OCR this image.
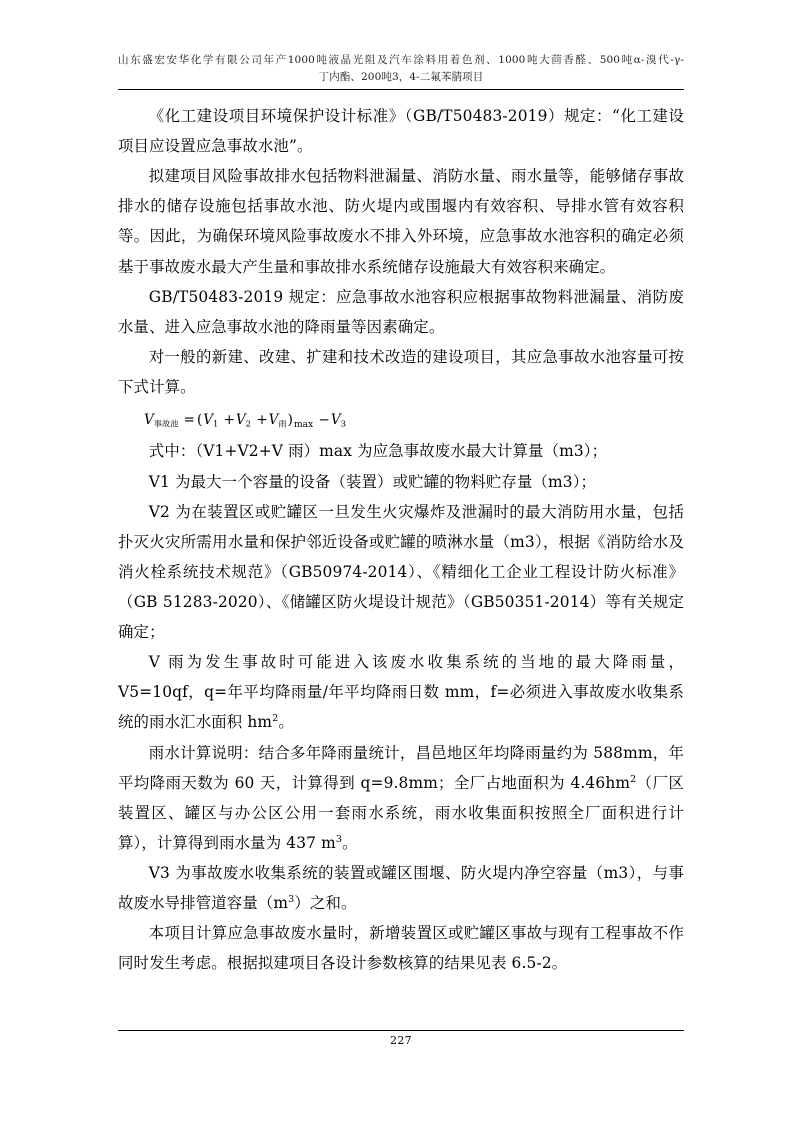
山东盛宏安华化学有限公司年产1000吨液晶光阻及汽车涂料用着色剂、1000吨大茴香醛、500吨α-溴代-γ-
丁内酯、200吨3，4-二氟苯腈项目

《化工建设项目环境保护设计标准》（GB/T50483-2019）规定：“化工建设项目应设置应急事故水池”。

拟建项目风险事故排水包括物料泄漏量、消防水量、雨水量等，能够储存事故排水的储存设施包括事故水池、防火堤内或围堰内有效容积、导排水管有效容积等。因此，为确保环境风险事故废水不排入外环境，应急事故水池容积的确定必须基于事故废水最大产生量和事故排水系统储存设施最大有效容积来确定。

GB/T50483-2019 规定：应急事故水池容积应根据事故物料泄漏量、消防废水量、进入应急事故水池的降雨量等因素确定。

对一般的新建、改建、扩建和技术改造的建设项目，其应急事故水池容量可按下式计算。

V事故池 = ($V_1 +V_2 +V$雨)$_{max} -V_3$

式中：（V1+V2+V 雨）max 为应急事故废水最大计算量（m3）；

V1 为最大一个容量的设备（装置）或贮罐的物料贮存量（m3）；

V2 为在装置区或贮罐区一旦发生火灾爆炸及泄漏时的最大消防用水量，包括扑灭火灾所需用水量和保护邻近设备或贮罐的喷淋水量（m3），根据《消防给水及消火栓系统技术规范》（GB50974-2014）、《精细化工企业工程设计防火标准》（GB 51283-2020）、《储罐区防火堤设计规范》（GB50351-2014）等有关规定确定；

V 雨为发生事故时可能进入该废水收集系统的当地的最大降雨量，V5=10qf，q=年平均降雨量/年平均降雨日数 mm，f=必须进入事故废水收集系统的雨水汇水面积 $hm^2$。

雨水计算说明：结合多年降雨量统计，昌邑地区年均降雨量约为 588mm，年平均降雨天数为 60 天，计算得到 q=9.8mm；全厂占地面积为 $4.46hm^2$（厂区装置区、罐区与办公区公用一套雨水系统，雨水收集面积按照全厂面积进行计算），计算得到雨水量为 437 $m^3$。

V3 为事故废水收集系统的装置或罐区围堰、防火堤内净空容量（m3），与事故废水导排管道容量$(m^3)$之和。

本项目计算应急事故废水量时，新增装置区或贮罐区事故与现有工程事故不作同时发生考虑。根据拟建项目各设计参数核算的结果见表 6.5-2。

227
